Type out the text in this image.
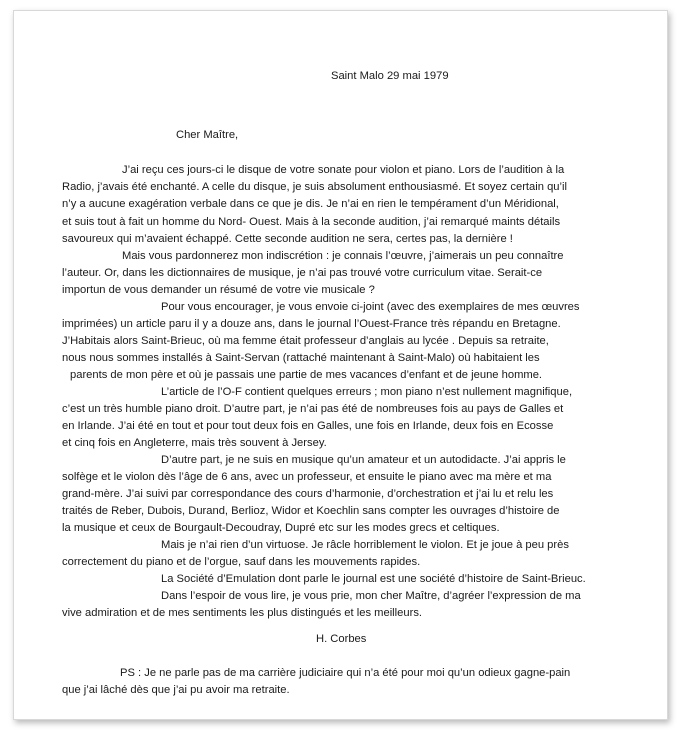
Saint Malo 29 mai 1979
Cher Maître,
J’ai reçu ces jours-ci le disque de votre sonate pour violon et piano. Lors de l’audition à la
Radio, j’avais été enchanté. A celle du disque, je suis absolument enthousiasmé. Et soyez certain qu’il
n’y a aucune exagération verbale dans ce que je dis. Je n’ai en rien le tempérament d’un Méridional,
et suis tout à fait un homme du Nord- Ouest. Mais à la seconde audition, j’ai remarqué maints détails
savoureux qui m’avaient échappé. Cette seconde audition ne sera, certes pas, la dernière !
Mais vous pardonnerez mon indiscrétion : je connais l’œuvre, j’aimerais un peu connaître
l’auteur. Or, dans les dictionnaires de musique, je n’ai pas trouvé votre curriculum vitae. Serait-ce
importun de vous demander un résumé de votre vie musicale ?
Pour vous encourager, je vous envoie ci-joint (avec des exemplaires de mes œuvres
imprimées) un article paru il y a douze ans, dans le journal l’Ouest-France très répandu en Bretagne.
J’Habitais alors Saint-Brieuc, où ma femme était professeur d’anglais au lycée . Depuis sa retraite,
nous nous sommes installés à Saint-Servan (rattaché maintenant à Saint-Malo) où habitaient les
parents de mon père et où je passais une partie de mes vacances d’enfant et de jeune homme.
L’article de l’O-F contient quelques erreurs ; mon piano n’est nullement magnifique,
c’est un très humble piano droit. D’autre part, je n’ai pas été de nombreuses fois au pays de Galles et
en Irlande. J’ai été en tout et pour tout deux fois en Galles, une fois en Irlande, deux fois en Ecosse
et cinq fois en Angleterre, mais très souvent à Jersey.
D’autre part, je ne suis en musique qu’un amateur et un autodidacte. J’ai appris le
solfège et le violon dès l’âge de 6 ans, avec un professeur, et ensuite le piano avec ma mère et ma
grand-mère. J’ai suivi par correspondance des cours d’harmonie, d’orchestration et j’ai lu et relu les
traités de Reber, Dubois, Durand, Berlioz, Widor et Koechlin sans compter les ouvrages d’histoire de
la musique et ceux de Bourgault-Decoudray, Dupré etc sur les modes grecs et celtiques.
Mais je n’ai rien d’un virtuose. Je râcle horriblement le violon. Et je joue à peu près
correctement du piano et de l’orgue, sauf dans les mouvements rapides.
La Société d’Emulation dont parle le journal est une société d’histoire de Saint-Brieuc.
Dans l’espoir de vous lire, je vous prie, mon cher Maître, d’agréer l’expression de ma
vive admiration et de mes sentiments les plus distingués et les meilleurs.
H. Corbes
PS : Je ne parle pas de ma carrière judiciaire qui n’a été pour moi qu’un odieux gagne-pain
que j’ai lâché dès que j’ai pu avoir ma retraite.
